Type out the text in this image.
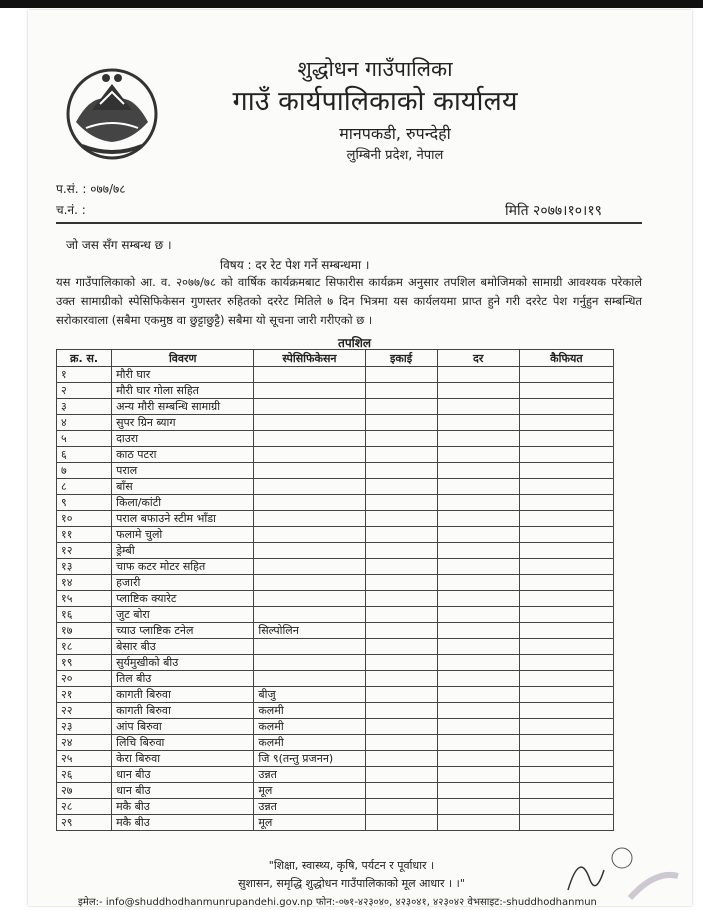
शुद्धोधन गाउँपालिका
गाउँ कार्यपालिकाको कार्यालय
मानपकडी, रुपन्देही
लुम्बिनी प्रदेश, नेपाल
प.सं. : ०७७/७८
च.नं. :	मिति २०७७।१०।१९
जो जस सँग सम्बन्ध छ ।
विषय : दर रेट पेश गर्ने सम्बन्धमा ।
यस गाउँपालिकाको आ. व. २०७७/७८ को वार्षिक कार्यक्रमबाट सिफारीस कार्यक्रम अनुसार तपशिल बमोजिमको सामाग्री आवश्यक परेकाले उक्त सामाग्रीको स्पेसिफिकेसन गुणस्तर रुहितको दररेट मितिले ७ दिन भित्रमा यस कार्यलयमा प्राप्त हुने गरी दररेट पेश गर्नुहुन सम्बन्धित सरोकारवाला (सबैमा एकमुष्ठ वा छुट्टाछुट्टै) सबैमा यो सूचना जारी गरीएको छ ।
तपशिल
क्र. स.	विवरण	स्पेसिफिकेसन	इकाई	दर	कैफियत
१	मौरी घार				
२	मौरी घार गोला सहित				
३	अन्य मौरी सम्बन्धि सामाग्री				
४	सुपर ग्रिन ब्याग				
५	दाउरा				
६	काठ पटरा				
७	पराल				
८	बाँस				
९	किला/कांटी				
१०	पराल बफाउने स्टीम भाँडा				
११	फलामे चुलो				
१२	ड्रेम्बी				
१३	चाफ कटर मोटर सहित				
१४	हजारी				
१५	प्लाष्टिक क्यारेट				
१६	जुट बोरा				
१७	च्याउ प्लाष्टिक टनेल	सिल्पोलिन			
१८	बेसार बीउ				
१९	सुर्यमुखीको बीउ				
२०	तिल बीउ				
२१	कागती बिरुवा	बीजु			
२२	कागती बिरुवा	कलमी			
२३	आंप बिरुवा	कलमी			
२४	लिचि बिरुवा	कलमी			
२५	केरा बिरुवा	जि ९(तन्तु प्रजनन)			
२६	धान बीउ	उन्नत			
२७	धान बीउ	मूल			
२८	मकै बीउ	उन्नत			
२९	मकै बीउ	मूल			
"शिक्षा, स्वास्थ्य, कृषि, पर्यटन र पूर्वाधार ।
सुशासन, समृद्धि शुद्धोधन गाउँपालिकाको मूल आधार । ।"
इमेल:- info@shuddhodhanmunrupandehi.gov.np फोन:-०७१-४२३०४०, ४२३०४१, ४२३०४२ वेभसाइट:-shuddhodhanmun
